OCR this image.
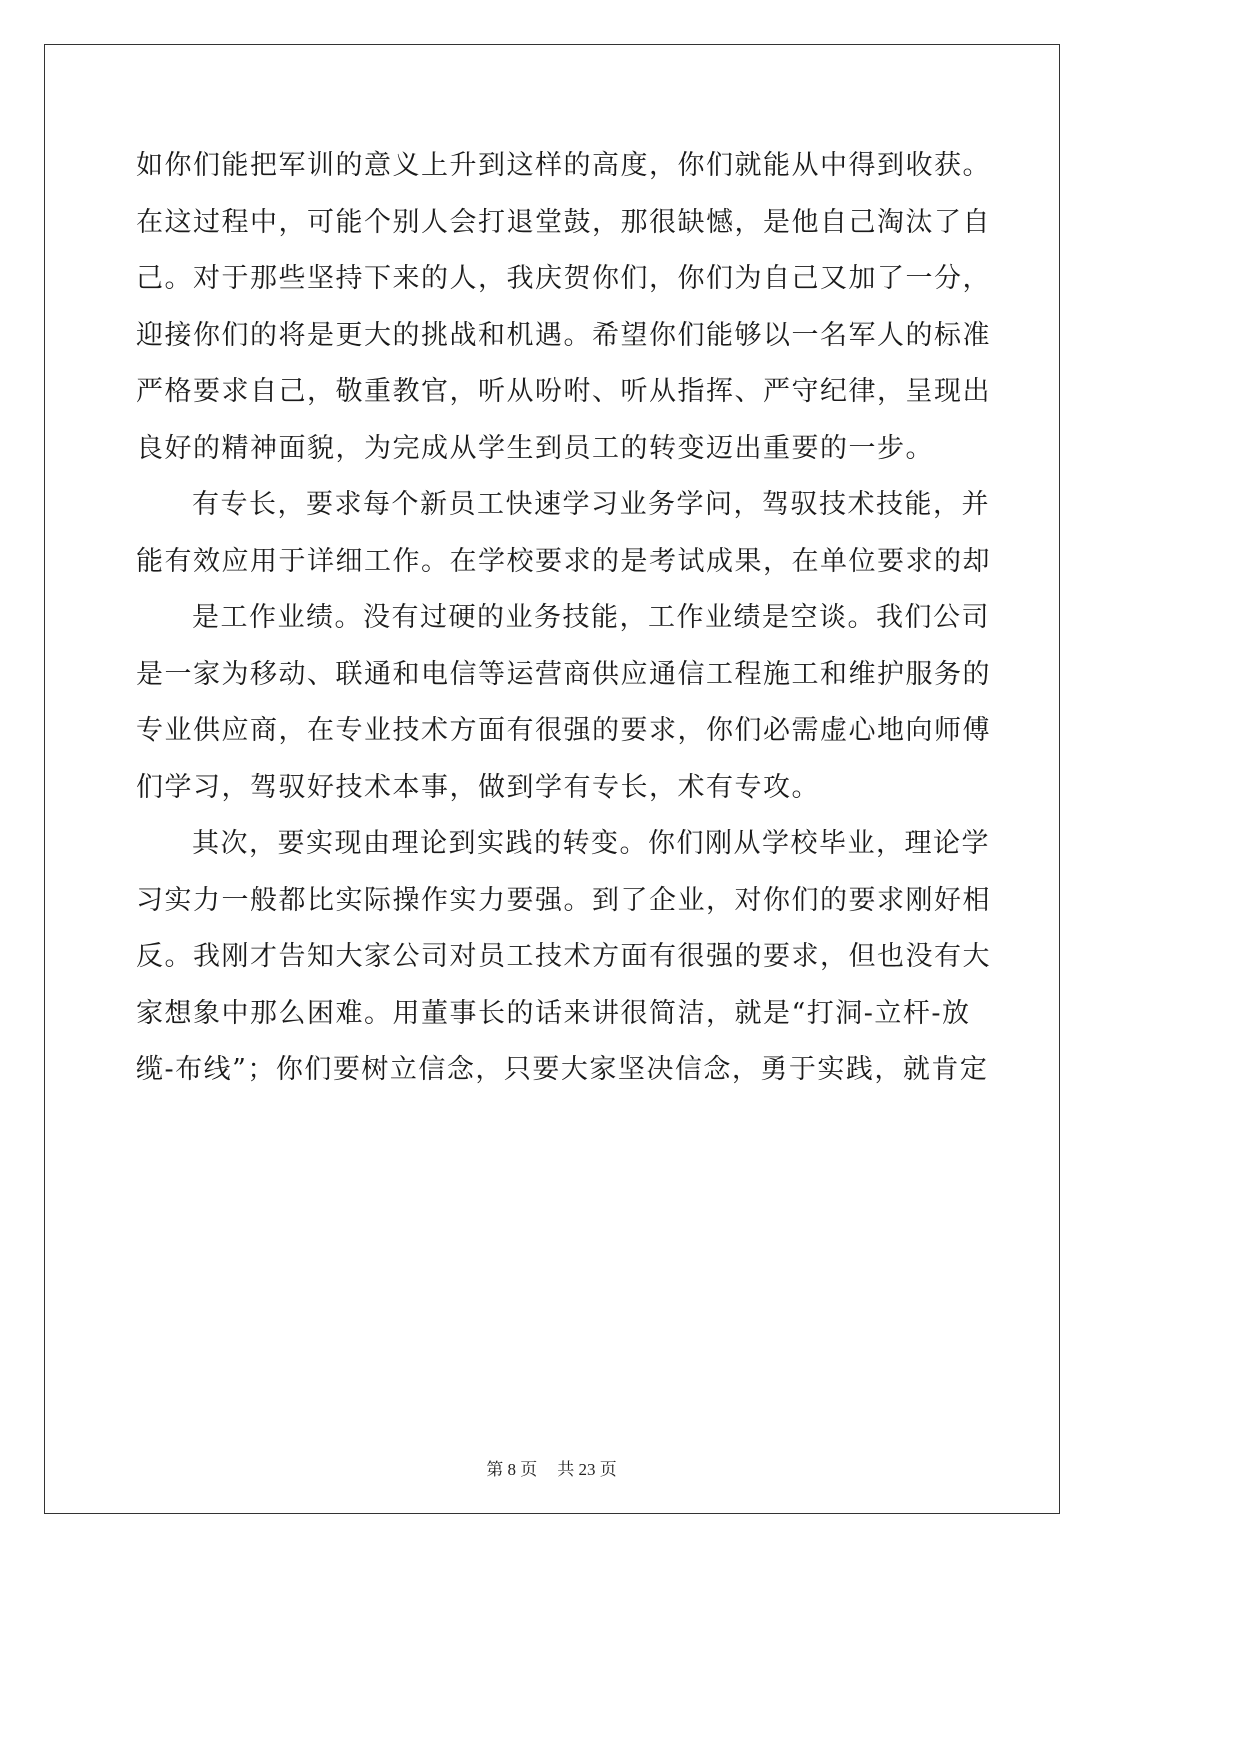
如你们能把军训的意义上升到这样的高度，你们就能从中得到收获。
在这过程中，可能个别人会打退堂鼓，那很缺憾，是他自己淘汰了自
己。对于那些坚持下来的人，我庆贺你们，你们为自己又加了一分，
迎接你们的将是更大的挑战和机遇。希望你们能够以一名军人的标准
严格要求自己，敬重教官，听从吩咐、听从指挥、严守纪律，呈现出
良好的精神面貌，为完成从学生到员工的转变迈出重要的一步。
有专长，要求每个新员工快速学习业务学问，驾驭技术技能，并
能有效应用于详细工作。在学校要求的是考试成果，在单位要求的却
是工作业绩。没有过硬的业务技能，工作业绩是空谈。我们公司
是一家为移动、联通和电信等运营商供应通信工程施工和维护服务的
专业供应商，在专业技术方面有很强的要求，你们必需虚心地向师傅
们学习，驾驭好技术本事，做到学有专长，术有专攻。
其次，要实现由理论到实践的转变。你们刚从学校毕业，理论学
习实力一般都比实际操作实力要强。到了企业，对你们的要求刚好相
反。我刚才告知大家公司对员工技术方面有很强的要求，但也没有大
家想象中那么困难。用董事长的话来讲很简洁，就是“打洞-立杆-放
缆-布线”；你们要树立信念，只要大家坚决信念，勇于实践，就肯定
第 8 页 共 23 页
